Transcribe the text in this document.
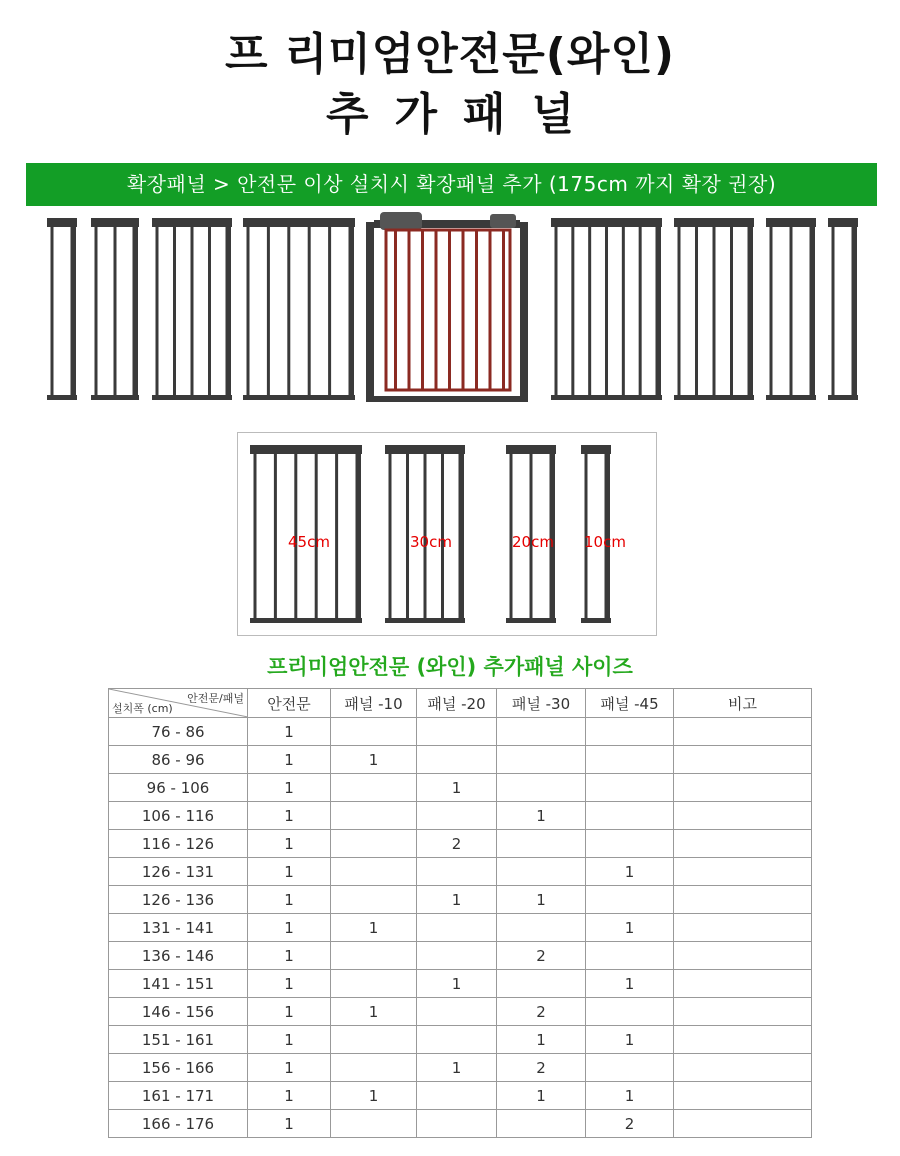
프 리미엄안전문(와인)
추가패널
확장패널 > 안전문 이상 설치시 확장패널 추가 (175cm 까지 확장 권장)
45cm	30cm	20cm 10cm
프리미엄안전문 (와인) 추가패널 사이즈
안전문/패널
설치폭 (cm)	안전문	패널 -10	패널 -20	패널 -30	패널 -45	비고
76 - 86	1					
86 - 96	1	1				
96 - 106	1		1			
106 - 116	1			1		
116 - 126	1		2			
126 - 131	1				1	
126 - 136	1		1	1		
131 - 141	1	1			1	
136 - 146	1			2		
141 - 151	1		1		1	
146 - 156	1	1		2		
151 - 161	1			1	1	
156 - 166	1		1	2		
161 - 171	1	1		1	1	
166 - 176	1				2	
